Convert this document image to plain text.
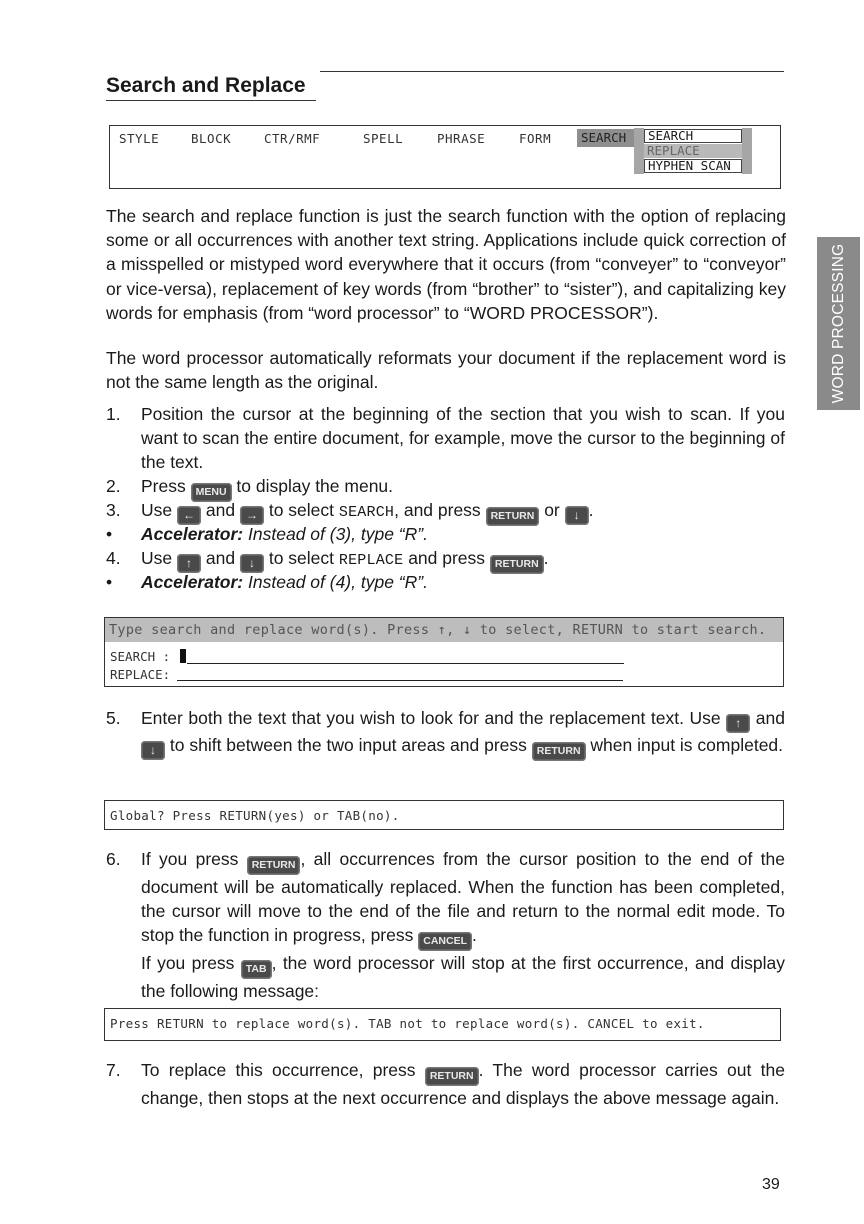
Search and Replace
STYLE	BLOCK	CTR/RMF	SPELL	PHRASE	FORM	SEARCH	SEARCH
REPLACE
HYPHEN SCAN

The search and replace function is just the search function with the option of replacing some or all occurrences with another text string. Applications include quick correction of a misspelled or mistyped word everywhere that it occurs (from “conveyer” to “conveyor” or vice-versa), replacement of key words (from “brother” to “sister”), and capitalizing key words for emphasis (from “word processor” to “WORD PROCESSOR”).

The word processor automatically reformats your document if the replacement word is not the same length as the original.

1.	Position the cursor at the beginning of the section that you wish to scan. If you want to scan the entire document, for example, move the cursor to the beginning of the text.
2.	Press MENU to display the menu.
3.	Use ← and → to select SEARCH, and press RETURN or ↓ .
•	Accelerator: Instead of (3), type “R”.
4.	Use ↑ and ↓ to select REPLACE and press RETURN .
•	Accelerator: Instead of (4), type “R”.
Type search and replace word(s). Press ↑, ↓ to select, RETURN to start search.
SEARCH :
REPLACE:
5.	Enter both the text that you wish to look for and the replacement text. Use ↑ and ↓ to shift between the two input areas and press RETURN when input is completed.
Global? Press RETURN(yes) or TAB(no).
6.	If you press RETURN , all occurrences from the cursor position to the end of the document will be automatically replaced. When the function has been completed, the cursor will move to the end of the file and return to the normal edit mode. To stop the function in progress, press CANCEL .
If you press TAB , the word processor will stop at the first occurrence, and display the following message:
Press RETURN to replace word(s). TAB not to replace word(s). CANCEL to exit.
7.	To replace this occurrence, press RETURN . The word processor carries out the change, then stops at the next occurrence and displays the above message again.
WORD PROCESSING
39
